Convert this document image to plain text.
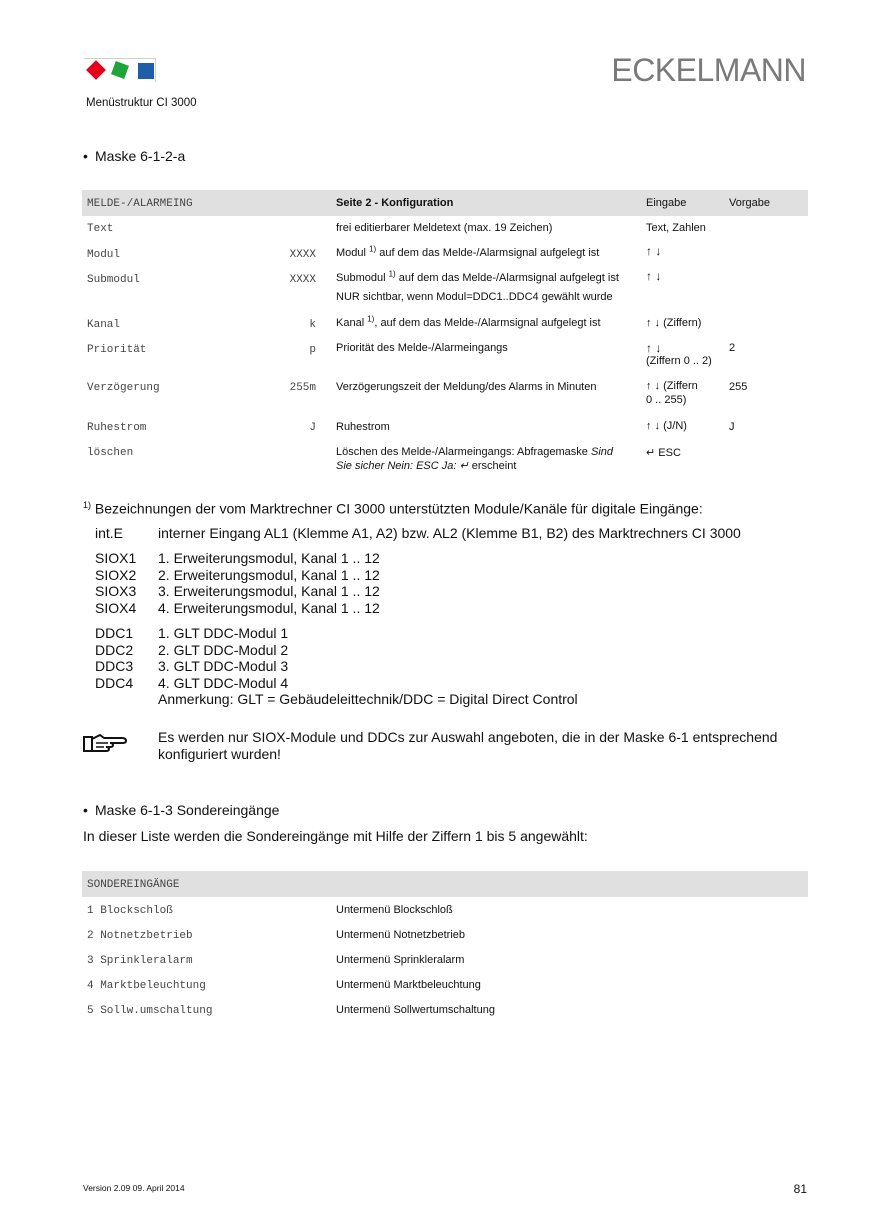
ECKELMANN
Menüstruktur CI 3000
• Maske 6-1-2-a
MELDE-/ALARMEING	Seite 2 - Konfiguration	Eingabe	Vorgabe
Text	frei editierbarer Meldetext (max. 19 Zeichen)	Text, Zahlen
Modul	XXXX Modul $^{1)}$ auf dem das Melde-/Alarmsignal aufgelegt ist	↑ ↓
Submodul	XXXX Submodul $^{1)}$ auf dem das Melde-/Alarmsignal aufgelegt ist
NUR sichtbar, wenn Modul=DDC1..DDC4 gewählt wurde
↑ ↓
Kanal	k Kanal $^{1)}$, auf dem das Melde-/Alarmsignal aufgelegt ist	↑ ↓ (Ziffern)
Priorität	p Priorität des Melde-/Alarmeingangs	↑ ↓
(Ziffern 0 .. 2)
2
Verzögerung	255m Verzögerungszeit der Meldung/des Alarms in Minuten	↑ ↓ (Ziffern
0 .. 255)
255
Ruhestrom	J Ruhestrom	↑ ↓ (J/N)	J
löschen	Löschen des Melde-/Alarmeingangs: Abfragemaske Sind
Sie sicher Nein: ESC Ja: ↵ erscheint
↵ ESC
$^{1)}$ Bezeichnungen der vom Marktrechner CI 3000 unterstützten Module/Kanäle für digitale Eingänge:
int.E	interner Eingang AL1 (Klemme A1, A2) bzw. AL2 (Klemme B1, B2) des Marktrechners CI 3000
SIOX1	1. Erweiterungsmodul, Kanal 1 .. 12
SIOX2	2. Erweiterungsmodul, Kanal 1 .. 12
SIOX3	3. Erweiterungsmodul, Kanal 1 .. 12
SIOX4	4. Erweiterungsmodul, Kanal 1 .. 12
DDC1	1. GLT DDC-Modul 1
DDC2	2. GLT DDC-Modul 2
DDC3	3. GLT DDC-Modul 3
DDC4	4. GLT DDC-Modul 4
Anmerkung: GLT = Gebäudeleittechnik/DDC = Digital Direct Control
Es werden nur SIOX-Module und DDCs zur Auswahl angeboten, die in der Maske 6-1 entsprechend konfiguriert wurden!
• Maske 6-1-3 Sondereingänge
In dieser Liste werden die Sondereingänge mit Hilfe der Ziffern 1 bis 5 angewählt:
SONDEREINGÄNGE
1 Blockschloß	Untermenü Blockschloß
2 Notnetzbetrieb	Untermenü Notnetzbetrieb
3 Sprinkleralarm	Untermenü Sprinkleralarm
4 Marktbeleuchtung	Untermenü Marktbeleuchtung
5 Sollw.umschaltung	Untermenü Sollwertumschaltung
Version 2.09 09. April 2014	81
